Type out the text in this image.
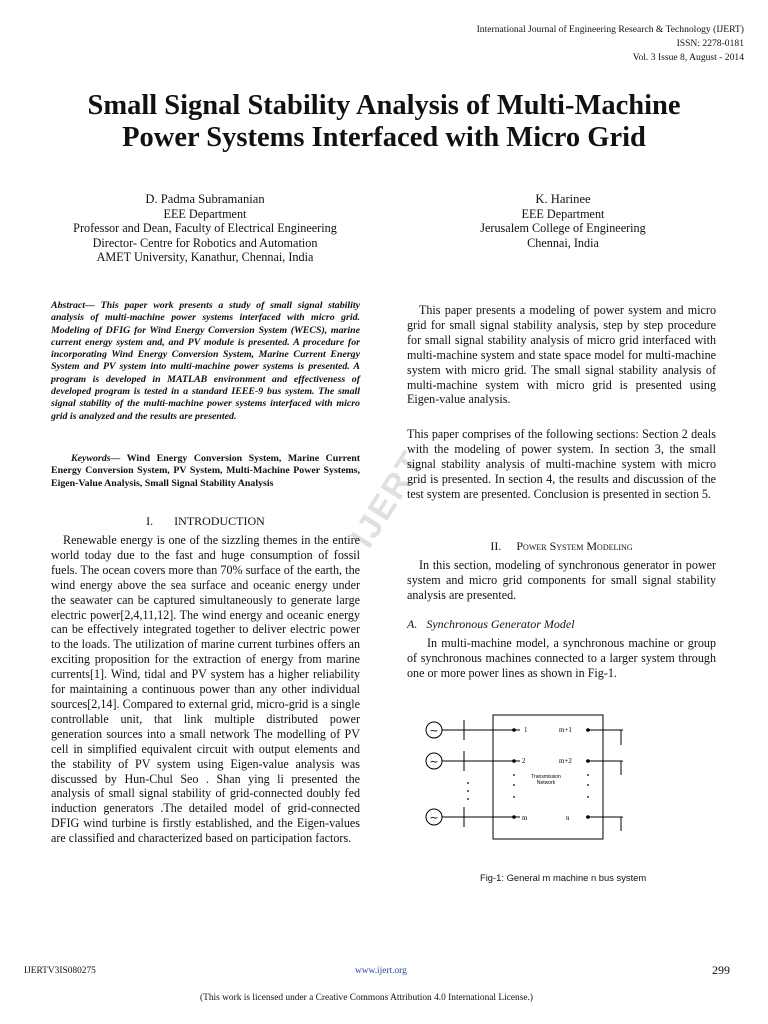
IJERT
International Journal of Engineering Research & Technology (IJERT)
ISSN: 2278-0181
Vol. 3 Issue 8, August - 2014
Small Signal Stability Analysis of Multi-Machine
Power Systems Interfaced with Micro Grid
D. Padma Subramanian
EEE Department
Professor and Dean, Faculty of Electrical Engineering
Director- Centre for Robotics and Automation
AMET University, Kanathur, Chennai, India
K. Harinee
EEE Department
Jerusalem College of Engineering
Chennai, India
Abstract— This paper work presents a study of small signal stability analysis of multi-machine power systems interfaced with micro grid. Modeling of DFIG for Wind Energy Conversion System (WECS), marine current energy system and, and PV module is presented. A procedure for incorporating Wind Energy Conversion System, Marine Current Energy System and PV system into multi-machine power systems is presented. A program is developed in MATLAB environment and effectiveness of developed program is tested in a standard IEEE-9 bus system. The small signal stability of the multi-machine power systems interfaced with micro grid is analyzed and the results are presented.
Keywords— Wind Energy Conversion System, Marine Current Energy Conversion System, PV System, Multi-Machine Power Systems, Eigen-Value Analysis, Small Signal Stability Analysis
I. INTRODUCTION
Renewable energy is one of the sizzling themes in the entire world today due to the fast and huge consumption of fossil fuels. The ocean covers more than 70% surface of the earth, the wind energy above the sea surface and oceanic energy under the seawater can be captured simultaneously to generate large electric power[2,4,11,12]. The wind energy and oceanic energy can be effectively integrated together to deliver electric power to the loads. The utilization of marine current turbines offers an exciting proposition for the extraction of energy from marine currents[1]. Wind, tidal and PV system has a higher reliability for maintaining a continuous power than any other individual sources[2,14]. Compared to external grid, micro-grid is a single controllable unit, that link multiple distributed power generation sources into a small network The modelling of PV cell in simplified equivalent circuit with output elements and the stability of PV system using Eigen-value analysis was discussed by Hun-Chul Seo . Shan ying li presented the analysis of small signal stability of grid-connected doubly fed induction generators .The detailed model of grid-connected DFIG wind turbine is firstly established, and the Eigen-values are classified and characterized based on participation factors.
This paper presents a modeling of power system and micro grid for small signal stability analysis, step by step procedure for small signal stability analysis of micro grid interfaced with multi-machine system and state space model for multi-machine system with micro grid. The small signal stability analysis of multi-machine system with micro grid is presented using Eigen-value analysis.
This paper comprises of the following sections: Section 2 deals with the modeling of power system. In section 3, the small signal stability analysis of multi-machine system with micro grid is presented. In section 4, the results and discussion of the test system are presented. Conclusion is presented in section 5.
II. Power System Modeling
In this section, modeling of synchronous generator in power system and micro grid components for small signal stability analysis are presented.
A. Synchronous Generator Model
In multi-machine model, a synchronous machine or group of synchronous machines connected to a larger system through one or more power lines as shown in Fig-1.
1
2
m
m+1
m+2
n
Transmission
Network
~
~
~
Fig-1: General m machine n bus system
IJERTV3IS080275	www.ijert.org	299
(This work is licensed under a Creative Commons Attribution 4.0 International License.)
